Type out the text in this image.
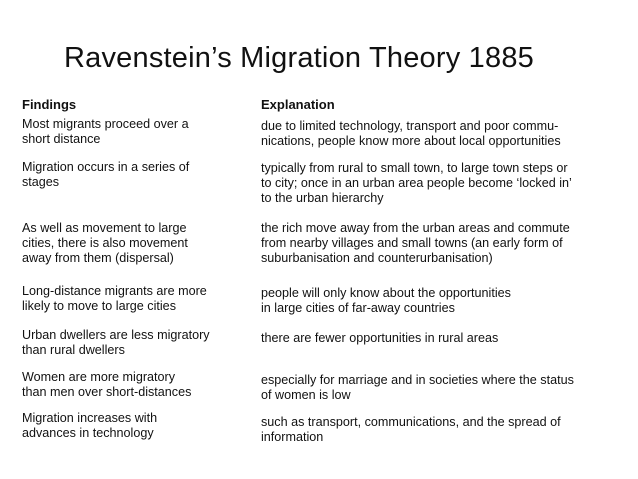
Ravenstein’s Migration Theory 1885
Findings	Explanation
Most migrants proceed over a
short distance
due to limited technology, transport and poor commu-
nications, people know more about local opportunities
Migration occurs in a series of
stages
typically from rural to small town, to large town steps or
to city; once in an urban area people become ‘locked in’
to the urban hierarchy
As well as movement to large
cities, there is also movement
away from them (dispersal)
the rich move away from the urban areas and commute
from nearby villages and small towns (an early form of
suburbanisation and counterurbanisation)
Long-distance migrants are more
likely to move to large cities
people will only know about the opportunities
in large cities of far-away countries
Urban dwellers are less migratory
than rural dwellers
there are fewer opportunities in rural areas
Women are more migratory
than men over short-distances
especially for marriage and in societies where the status
of women is low
Migration increases with
advances in technology
such as transport, communications, and the spread of
information
